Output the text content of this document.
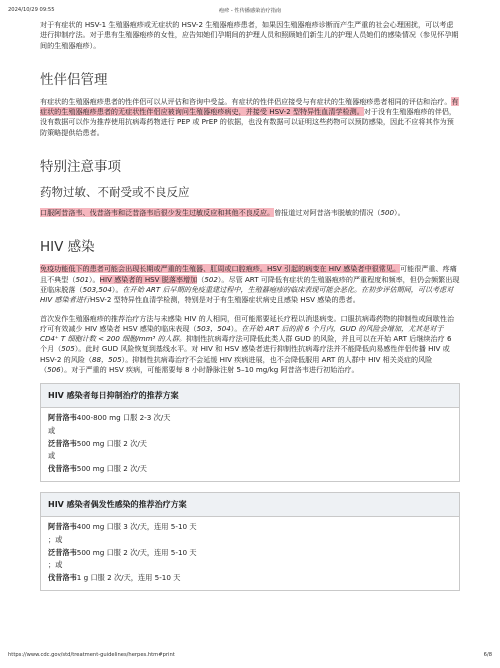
2024/10/29 09:55	疱疹 - 性传播感染治疗指南

对于有症状的 HSV-1 生殖器疱疹或无症状的 HSV-2 生殖器疱疹患者，如果因生殖器疱疹诊断而产生严重的社会心理困扰，可以考虑进行抑制疗法。对于患有生殖器疱疹的女性，应告知她们孕期间的护理人员和照顾她们新生儿的护理人员她们的感染情况（参见怀孕期间的生殖器疱疹）。

性伴侣管理

有症状的生殖器疱疹患者的性伴侣可以从评估和咨询中受益。有症状的性伴侣应接受与有症状的生殖器疱疹患者相同的评估和治疗。有症状的生殖器疱疹患者的无症状性伴侣应被询问生殖器疱疹病史，并接受 HSV-2 型特异性血清学检测。对于没有生殖器疱疹的伴侣，没有数据可以作为推荐使用抗病毒药物进行 PEP 或 PrEP 的依据，也没有数据可以证明这些药物可以预防感染，因此不应将其作为预防策略提供给患者。

特别注意事项
药物过敏、不耐受或不良反应

口服阿昔洛韦、伐昔洛韦和泛昔洛韦后很少发生过敏反应和其他不良反应。曾报道过对阿昔洛韦脱敏的情况（500）。

HIV 感染

免疫功能低下的患者可能会出现长期或严重的生殖器、肛周或口腔疱疹。HSV 引起的病变在 HIV 感染者中很常见。可能很严重、疼痛且不典型（501）。HIV 感染者的 HSV 脱落率增加（502）。尽管 ART 可降低有症状的生殖器疱疹的严重程度和频率，但仍会频繁出现亚临床脱落（503,504）。在开始 ART 后早期的免疫重建过程中，生殖器疱疹的临床表现可能会恶化。在初步评估期间，可以考虑对 HIV 感染者进行HSV-2 型特异性血清学检测，特别是对于有生殖器症状病史且感染 HSV 感染的患者。

首次发作生殖器疱疹的推荐治疗方法与未感染 HIV 的人相同，但可能需要延长疗程以消退病变。口服抗病毒药物的抑制性或间歇性治疗可有效减少 HIV 感染者 HSV 感染的临床表现（503，504）。在开始 ART 后的前 6 个月内，GUD 的风险会增加，尤其是对于 CD4⁺ T 细胞计数 < 200 细胞/mm³ 的人群。抑制性抗病毒疗法可降低此类人群 GUD 的风险，并且可以在开始 ART 后继续治疗 6 个月（505）。此时 GUD 风险恢复到基线水平。对 HIV 和 HSV 感染者进行抑制性抗病毒疗法并不能降低向易感性伴侣传播 HIV 或 HSV-2 的风险（88，505）。抑制性抗病毒治疗不会延缓 HIV 疾病进展，也不会降低服用 ART 的人群中 HIV 相关炎症的风险（506）。对于严重的 HSV 疾病，可能需要每 8 小时静脉注射 5–10 mg/kg 阿昔洛韦进行初始治疗。

HIV 感染者每日抑制治疗的推荐方案
阿昔洛韦400-800 mg 口服 2-3 次/天
或
泛昔洛韦500 mg 口服 2 次/天
或
伐昔洛韦500 mg 口服 2 次/天
HIV 感染者偶发性感染的推荐治疗方案
阿昔洛韦400 mg 口服 3 次/天，连用 5-10 天
；或
泛昔洛韦500 mg 口服 2 次/天，连用 5-10 天
；或
伐昔洛韦1 g 口服 2 次/天，连用 5-10 天
https://www.cdc.gov/std/treatment-guidelines/herpes.htm#print	6/8
